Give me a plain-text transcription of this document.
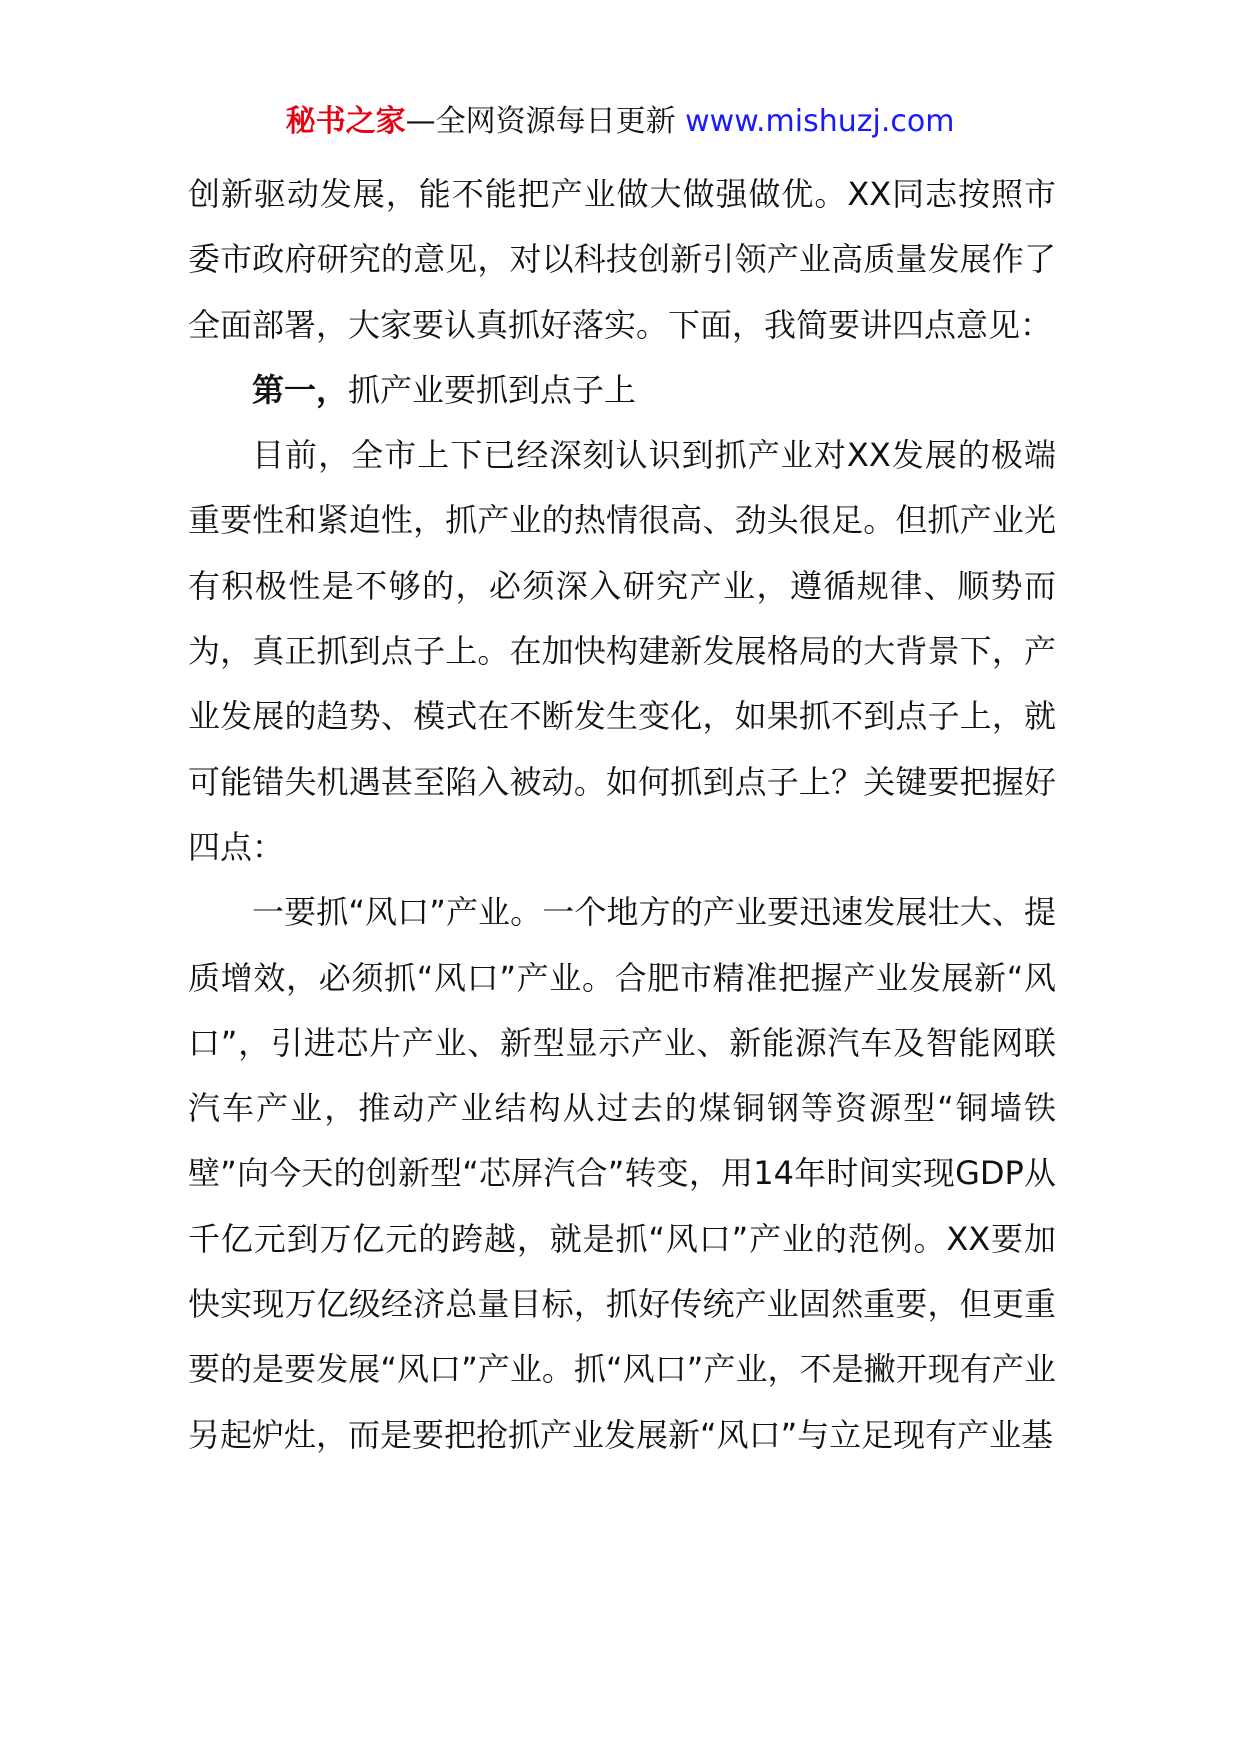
秘书之家—全网资源每日更新 www.mishuzj.com

创新驱动发展，能不能把产业做大做强做优。XX同志按照市委市政府研究的意见，对以科技创新引领产业高质量发展作了全面部署，大家要认真抓好落实。下面，我简要讲四点意见：

第一，抓产业要抓到点子上

目前，全市上下已经深刻认识到抓产业对XX发展的极端重要性和紧迫性，抓产业的热情很高、劲头很足。但抓产业光有积极性是不够的，必须深入研究产业，遵循规律、顺势而为，真正抓到点子上。在加快构建新发展格局的大背景下，产业发展的趋势、模式在不断发生变化，如果抓不到点子上，就可能错失机遇甚至陷入被动。如何抓到点子上？关键要把握好四点：

一要抓“风口”产业。一个地方的产业要迅速发展壮大、提质增效，必须抓“风口”产业。合肥市精准把握产业发展新“风口”，引进芯片产业、新型显示产业、新能源汽车及智能网联汽车产业，推动产业结构从过去的煤铜钢等资源型“铜墙铁壁”向今天的创新型“芯屏汽合”转变，用14年时间实现GDP从千亿元到万亿元的跨越，就是抓“风口”产业的范例。XX要加快实现万亿级经济总量目标，抓好传统产业固然重要，但更重要的是要发展“风口”产业。抓“风口”产业，不是撇开现有产业另起炉灶，而是要把抢抓产业发展新“风口”与立足现有产业基
